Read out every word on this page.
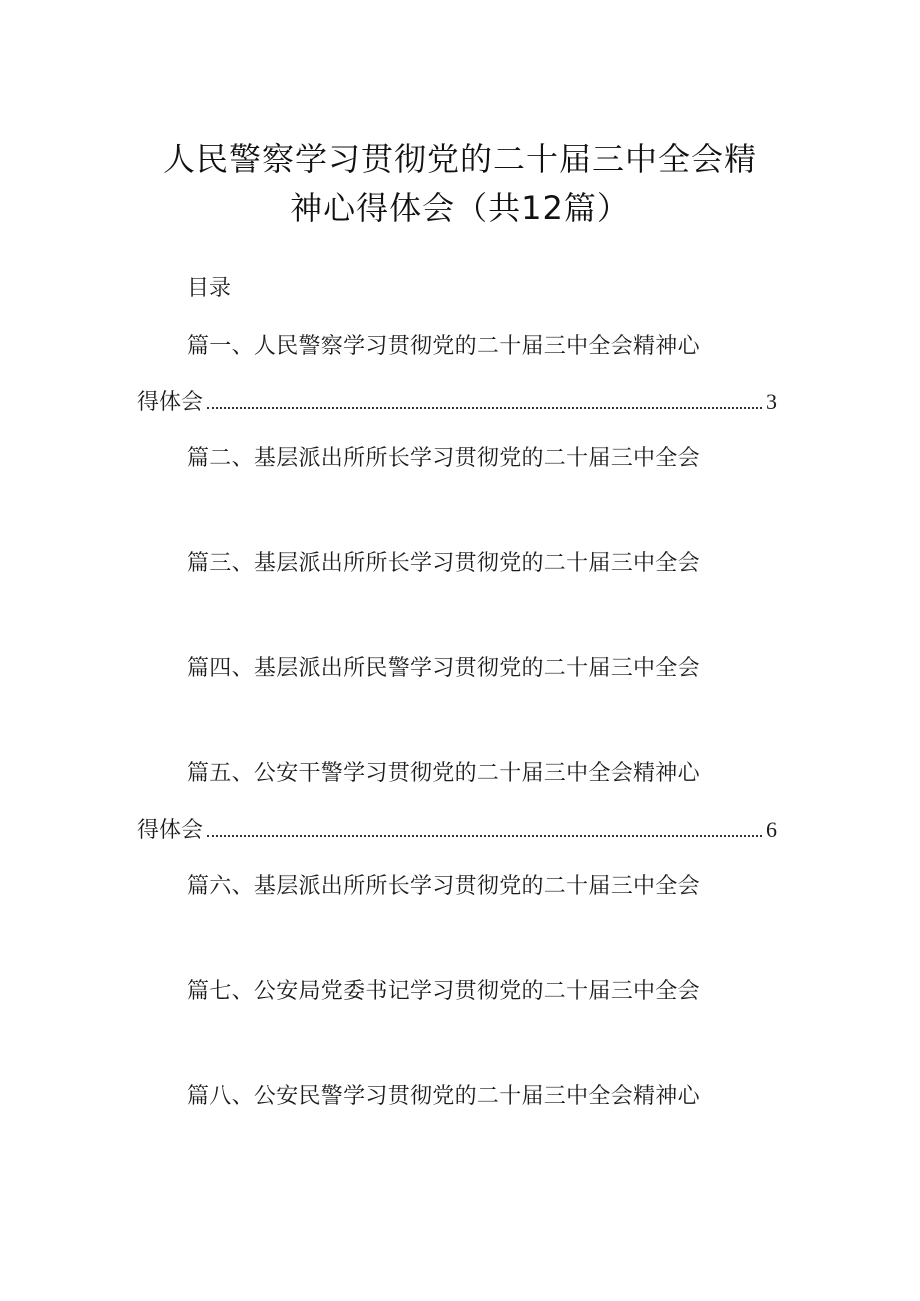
人民警察学习贯彻党的二十届三中全会精
神心得体会（共12篇）
目录
篇一、人民警察学习贯彻党的二十届三中全会精神心
得体会	3
篇二、基层派出所所长学习贯彻党的二十届三中全会
篇三、基层派出所所长学习贯彻党的二十届三中全会
篇四、基层派出所民警学习贯彻党的二十届三中全会
篇五、公安干警学习贯彻党的二十届三中全会精神心
得体会	6
篇六、基层派出所所长学习贯彻党的二十届三中全会
篇七、公安局党委书记学习贯彻党的二十届三中全会
篇八、公安民警学习贯彻党的二十届三中全会精神心
